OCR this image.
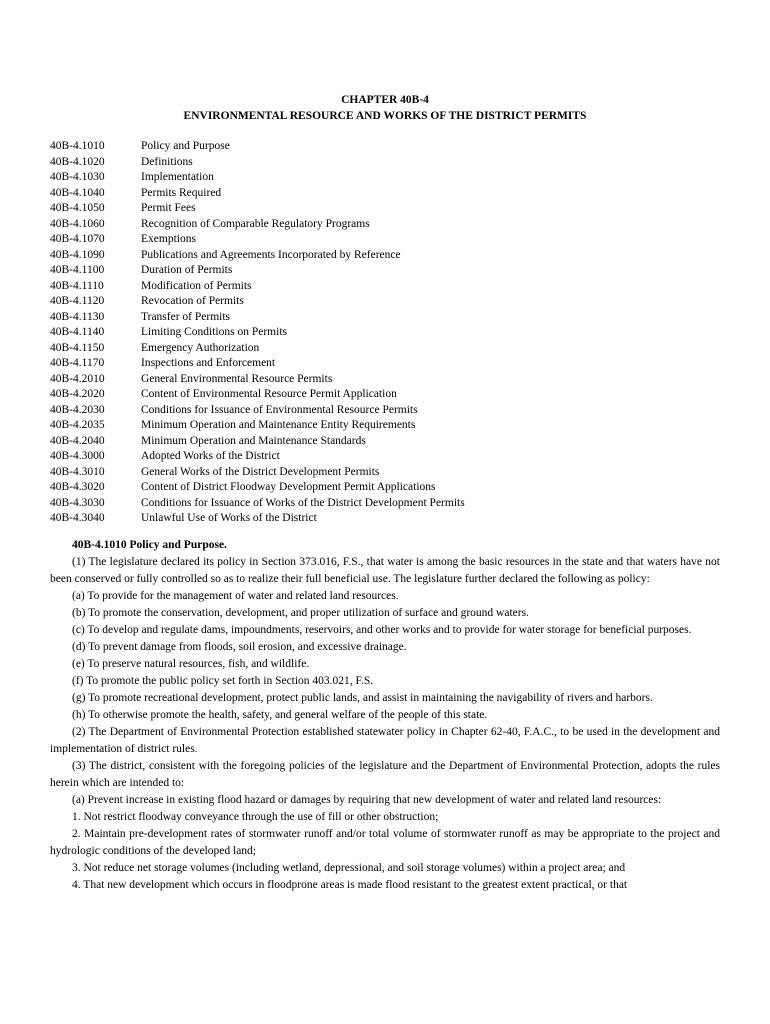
CHAPTER 40B-4
ENVIRONMENTAL RESOURCE AND WORKS OF THE DISTRICT PERMITS
40B-4.1010	Policy and Purpose
40B-4.1020	Definitions
40B-4.1030	Implementation
40B-4.1040	Permits Required
40B-4.1050	Permit Fees
40B-4.1060	Recognition of Comparable Regulatory Programs
40B-4.1070	Exemptions
40B-4.1090	Publications and Agreements Incorporated by Reference
40B-4.1100	Duration of Permits
40B-4.1110	Modification of Permits
40B-4.1120	Revocation of Permits
40B-4.1130	Transfer of Permits
40B-4.1140	Limiting Conditions on Permits
40B-4.1150	Emergency Authorization
40B-4.1170	Inspections and Enforcement
40B-4.2010	General Environmental Resource Permits
40B-4.2020	Content of Environmental Resource Permit Application
40B-4.2030	Conditions for Issuance of Environmental Resource Permits
40B-4.2035	Minimum Operation and Maintenance Entity Requirements
40B-4.2040	Minimum Operation and Maintenance Standards
40B-4.3000	Adopted Works of the District
40B-4.3010	General Works of the District Development Permits
40B-4.3020	Content of District Floodway Development Permit Applications
40B-4.3030	Conditions for Issuance of Works of the District Development Permits
40B-4.3040	Unlawful Use of Works of the District

40B-4.1010 Policy and Purpose.

(1) The legislature declared its policy in Section 373.016, F.S., that water is among the basic resources in the state and that waters have not been conserved or fully controlled so as to realize their full beneficial use. The legislature further declared the following as policy:

(a) To provide for the management of water and related land resources.

(b) To promote the conservation, development, and proper utilization of surface and ground waters.

(c) To develop and regulate dams, impoundments, reservoirs, and other works and to provide for water storage for beneficial purposes.

(d) To prevent damage from floods, soil erosion, and excessive drainage.

(e) To preserve natural resources, fish, and wildlife.

(f) To promote the public policy set forth in Section 403.021, F.S.

(g) To promote recreational development, protect public lands, and assist in maintaining the navigability of rivers and harbors.

(h) To otherwise promote the health, safety, and general welfare of the people of this state.

(2) The Department of Environmental Protection established statewater policy in Chapter 62-40, F.A.C., to be used in the development and implementation of district rules.

(3) The district, consistent with the foregoing policies of the legislature and the Department of Environmental Protection, adopts the rules herein which are intended to:

(a) Prevent increase in existing flood hazard or damages by requiring that new development of water and related land resources:

1. Not restrict floodway conveyance through the use of fill or other obstruction;

2. Maintain pre-development rates of stormwater runoff and/or total volume of stormwater runoff as may be appropriate to the project and hydrologic conditions of the developed land;

3. Not reduce net storage volumes (including wetland, depressional, and soil storage volumes) within a project area; and

4. That new development which occurs in floodprone areas is made flood resistant to the greatest extent practical, or that
